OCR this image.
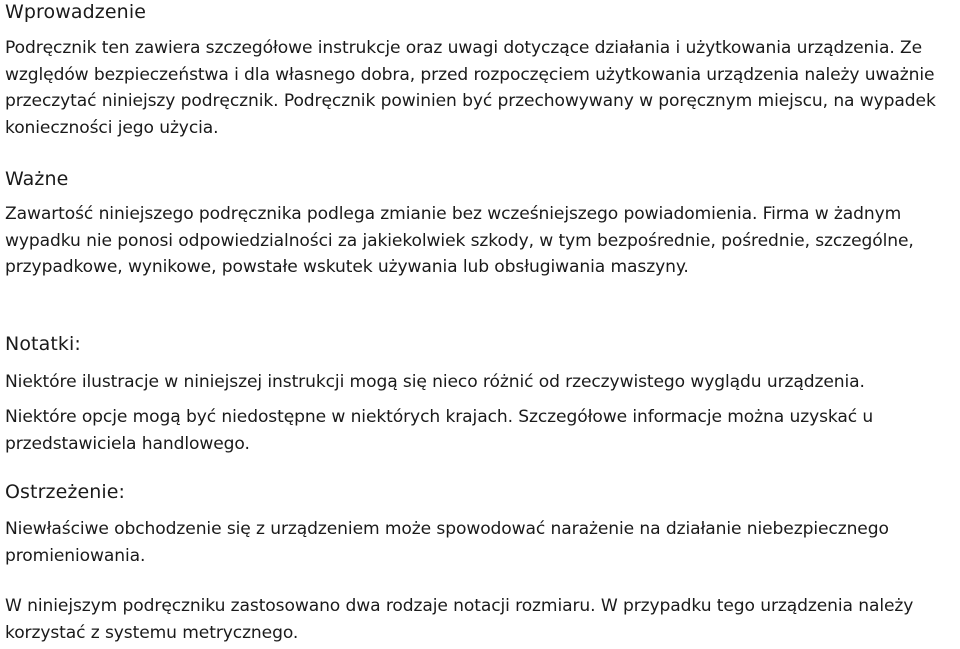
Wprowadzenie

Podręcznik ten zawiera szczegółowe instrukcje oraz uwagi dotyczące działania i użytkowania urządzenia. Ze względów bezpieczeństwa i dla własnego dobra, przed rozpoczęciem użytkowania urządzenia należy uważnie przeczytać niniejszy podręcznik. Podręcznik powinien być przechowywany w poręcznym miejscu, na wypadek konieczności jego użycia.

Ważne

Zawartość niniejszego podręcznika podlega zmianie bez wcześniejszego powiadomienia. Firma w żadnym wypadku nie ponosi odpowiedzialności za jakiekolwiek szkody, w tym bezpośrednie, pośrednie, szczególne, przypadkowe, wynikowe, powstałe wskutek używania lub obsługiwania maszyny.

Notatki:

Niektóre ilustracje w niniejszej instrukcji mogą się nieco różnić od rzeczywistego wyglądu urządzenia.

Niektóre opcje mogą być niedostępne w niektórych krajach. Szczegółowe informacje można uzyskać u przedstawiciela handlowego.

Ostrzeżenie:

Niewłaściwe obchodzenie się z urządzeniem może spowodować narażenie na działanie niebezpiecznego promieniowania.

W niniejszym podręczniku zastosowano dwa rodzaje notacji rozmiaru. W przypadku tego urządzenia należy korzystać z systemu metrycznego.
